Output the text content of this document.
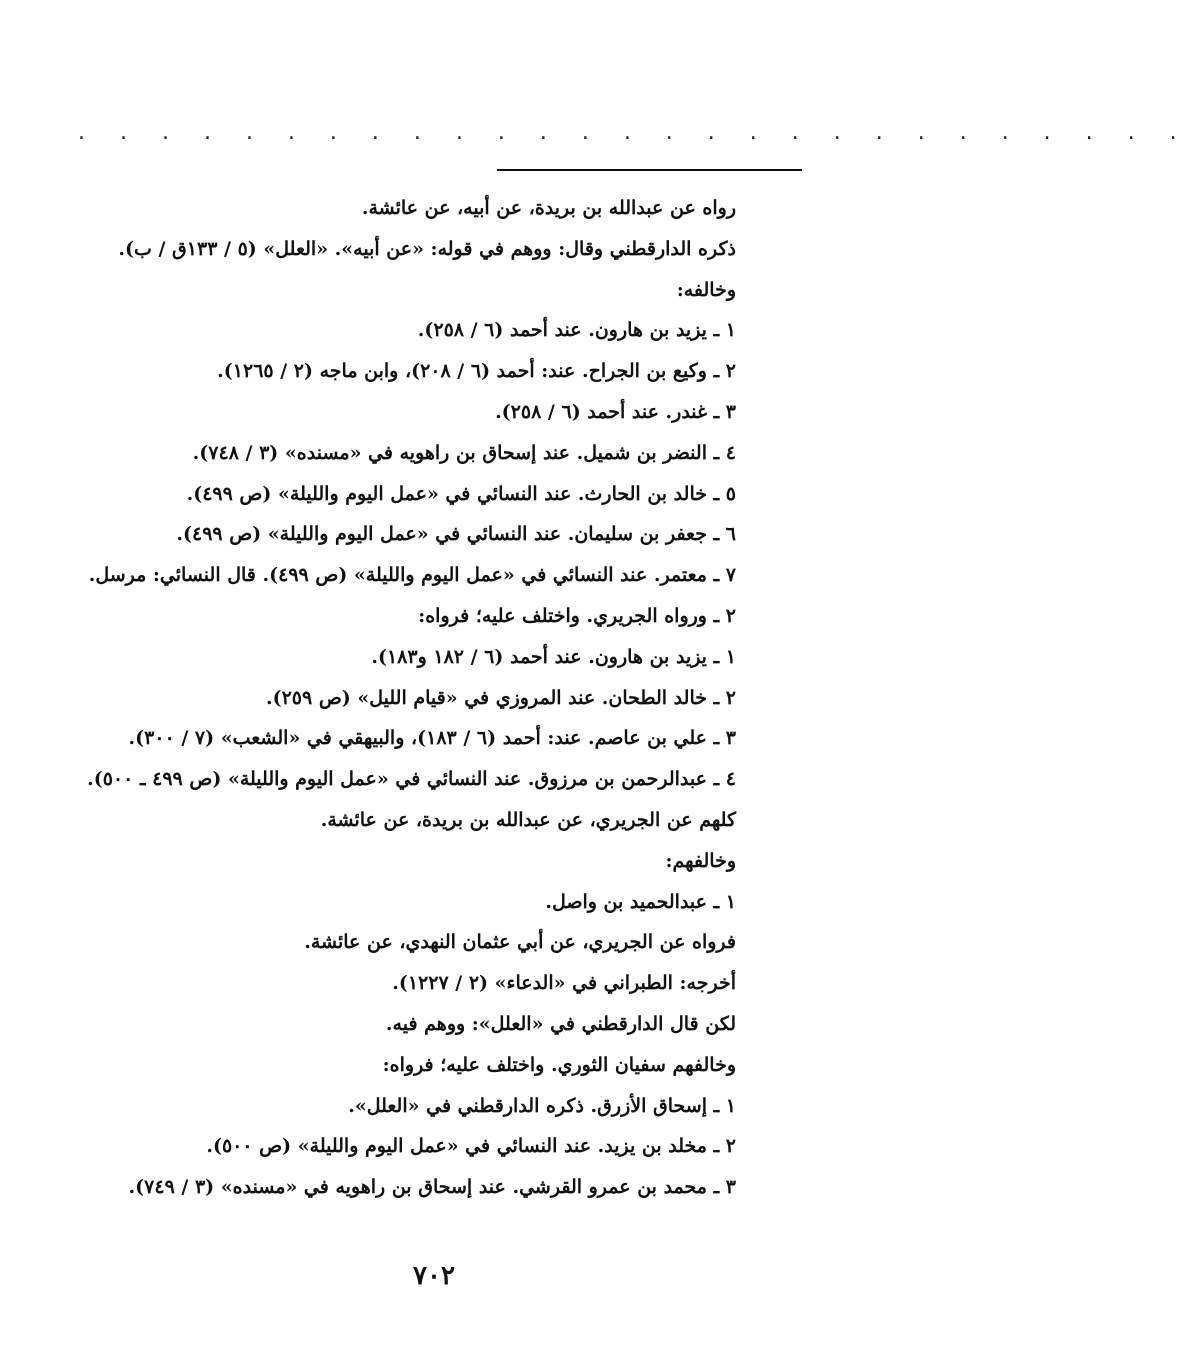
. . . . . . . . . . . . . . . . . . . . . . . . . . .
رواه عن عبدالله بن بريدة، عن أبيه، عن عائشة.
ذكره الدارقطني وقال: ووهم في قوله: «عن أبيه». «العلل» (٥ / ١٣٣ق / ب).
وخالفه:
١ ـ يزيد بن هارون. عند أحمد (٦ / ٢٥٨).
٢ ـ وكيع بن الجراح. عند: أحمد (٦ / ٢٠٨)، وابن ماجه (٢ / ١٢٦٥).
٣ ـ غندر. عند أحمد (٦ / ٢٥٨).
٤ ـ النضر بن شميل. عند إسحاق بن راهويه في «مسنده» (٣ / ٧٤٨).
٥ ـ خالد بن الحارث. عند النسائي في «عمل اليوم والليلة» (ص ٤٩٩).
٦ ـ جعفر بن سليمان. عند النسائي في «عمل اليوم والليلة» (ص ٤٩٩).
٧ ـ معتمر. عند النسائي في «عمل اليوم والليلة» (ص ٤٩٩). قال النسائي: مرسل.
٢ ـ ورواه الجريري. واختلف عليه؛ فرواه:
١ ـ يزيد بن هارون. عند أحمد (٦ / ١٨٢ و١٨٣).
٢ ـ خالد الطحان. عند المروزي في «قيام الليل» (ص ٢٥٩).
٣ ـ علي بن عاصم. عند: أحمد (٦ / ١٨٣)، والبيهقي في «الشعب» (٧ / ٣٠٠).
٤ ـ عبدالرحمن بن مرزوق. عند النسائي في «عمل اليوم والليلة» (ص ٤٩٩ ـ ٥٠٠).
كلهم عن الجريري، عن عبدالله بن بريدة، عن عائشة.
وخالفهم:
١ ـ عبدالحميد بن واصل.
فرواه عن الجريري، عن أبي عثمان النهدي، عن عائشة.
أخرجه: الطبراني في «الدعاء» (٢ / ١٢٢٧).
لكن قال الدارقطني في «العلل»: ووهم فيه.
وخالفهم سفيان الثوري. واختلف عليه؛ فرواه:
١ ـ إسحاق الأزرق. ذكره الدارقطني في «العلل».
٢ ـ مخلد بن يزيد. عند النسائي في «عمل اليوم والليلة» (ص ٥٠٠).
٣ ـ محمد بن عمرو القرشي. عند إسحاق بن راهويه في «مسنده» (٣ / ٧٤٩).
٧٠٢
